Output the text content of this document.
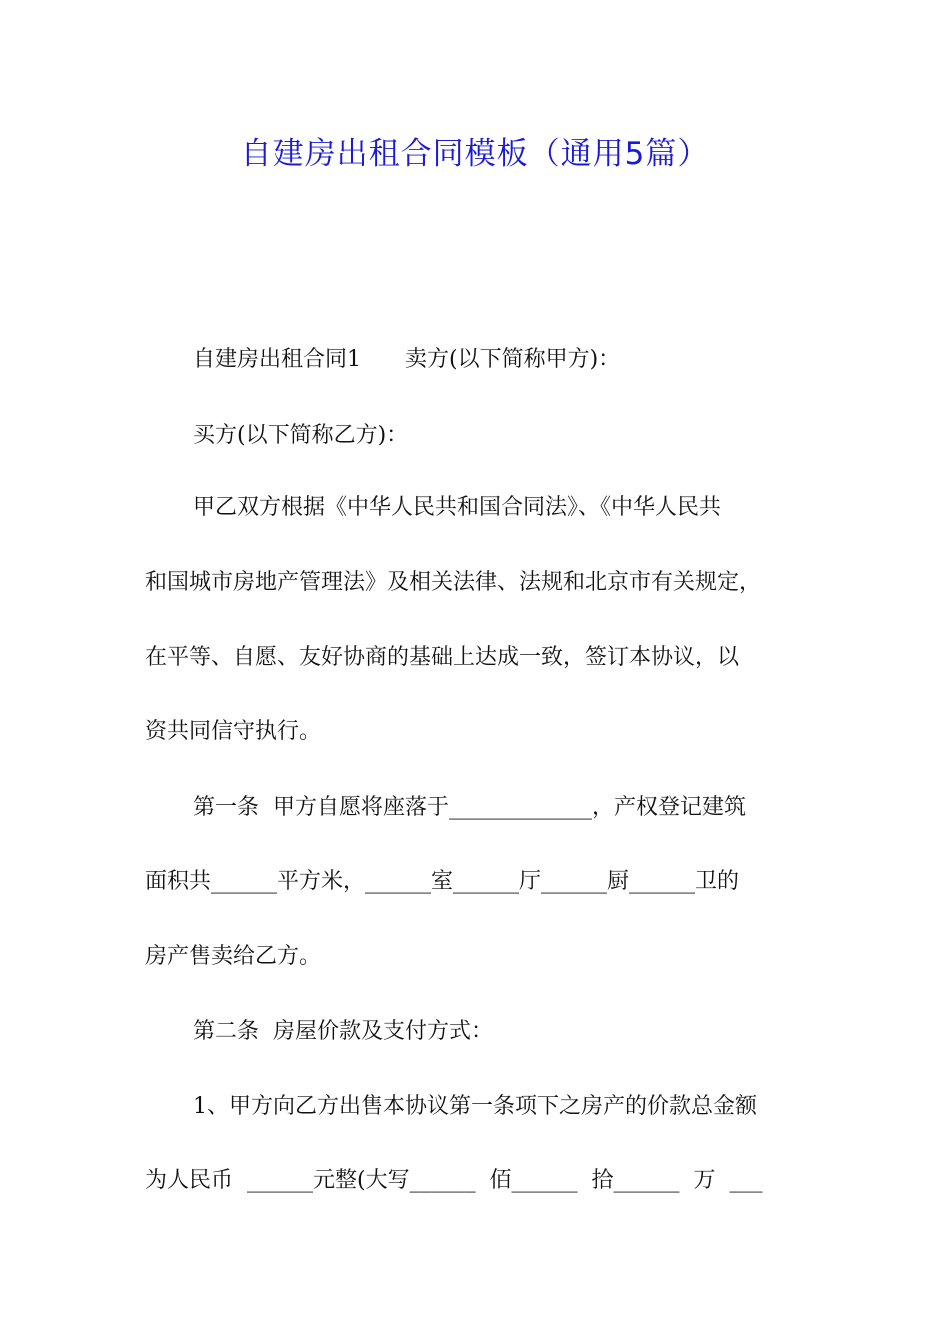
自建房出租合同模板（通用5篇）
自建房出租合同1　　卖方(以下简称甲方)：
买方(以下简称乙方)：
甲乙双方根据《中华人民共和国合同法》、《中华人民共
和国城市房地产管理法》及相关法律、法规和北京市有关规定，
在平等、自愿、友好协商的基础上达成一致，签订本协议，以
资共同信守执行。
第一条  甲方自愿将座落于_____________，产权登记建筑
面积共______平方米，______室______厅______厨______卫的
房产售卖给乙方。
第二条  房屋价款及支付方式：
1、甲方向乙方出售本协议第一条项下之房产的价款总金额
为人民币  ______元整(大写______  佰______  拾______  万  ___
